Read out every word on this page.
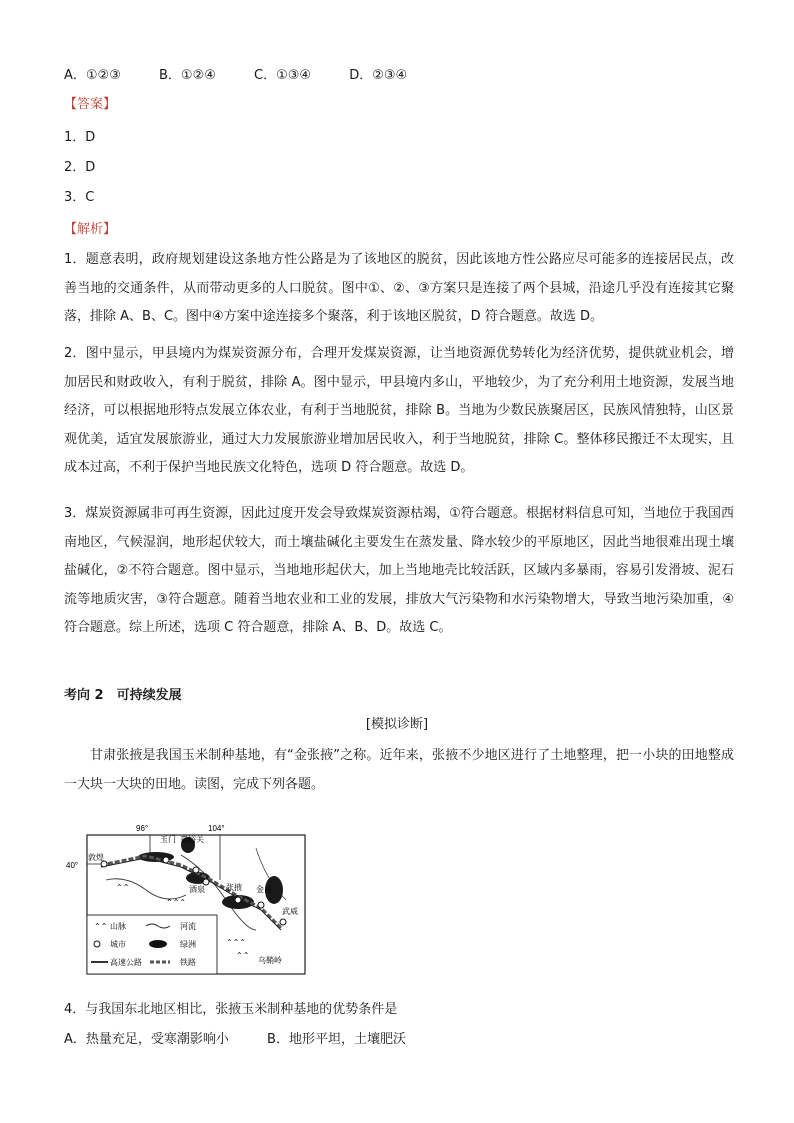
A．①②③	B．①②④	C．①③④	D．②③④
【答案】
1．D
2．D
3．C
【解析】
1．题意表明，政府规划建设这条地方性公路是为了该地区的脱贫，因此该地方性公路应尽可能多的连接居民点，改善当地的交通条件，从而带动更多的人口脱贫。图中①、②、③方案只是连接了两个县城，沿途几乎没有连接其它聚落，排除 A、B、C。图中④方案中途连接多个聚落，利于该地区脱贫，D 符合题意。故选 D。
2．图中显示，甲县境内为煤炭资源分布，合理开发煤炭资源，让当地资源优势转化为经济优势，提供就业机会，增加居民和财政收入，有利于脱贫，排除 A。图中显示，甲县境内多山，平地较少，为了充分利用土地资源，发展当地经济，可以根据地形特点发展立体农业，有利于当地脱贫，排除 B。当地为少数民族聚居区，民族风情独特，山区景观优美，适宜发展旅游业，通过大力发展旅游业增加居民收入，利于当地脱贫，排除 C。整体移民搬迁不太现实，且成本过高，不利于保护当地民族文化特色，选项 D 符合题意。故选 D。
3．煤炭资源属非可再生资源，因此过度开发会导致煤炭资源枯竭，①符合题意。根据材料信息可知，当地位于我国西南地区，气候湿润，地形起伏较大，而土壤盐碱化主要发生在蒸发量、降水较少的平原地区，因此当地很难出现土壤盐碱化，②不符合题意。图中显示，当地地形起伏大，加上当地地壳比较活跃，区域内多暴雨，容易引发滑坡、泥石流等地质灾害，③符合题意。随着当地农业和工业的发展，排放大气污染物和水污染物增大，导致当地污染加重，④符合题意。综上所述，选项 C 符合题意，排除 A、B、D。故选 C。
考向 2　可持续发展
[模拟诊断]
甘肃张掖是我国玉米制种基地，有“金张掖”之称。近年来，张掖不少地区进行了土地整理，把一小块的田地整成一大块一大块的田地。读图，完成下列各题。
96°	104°
40°
敦煌
玉门 嘉峪关
酒泉	张掖 金昌
武威
乌鞘岭
⌃⌃ 山脉	河流
城市	绿洲
高速公路	铁路
⌃⌃⌃
⌃⌃
⌃⌃
⌃⌃⌃
4．与我国东北地区相比，张掖玉米制种基地的优势条件是
A．热量充足，受寒潮影响小	B．地形平坦，土壤肥沃
